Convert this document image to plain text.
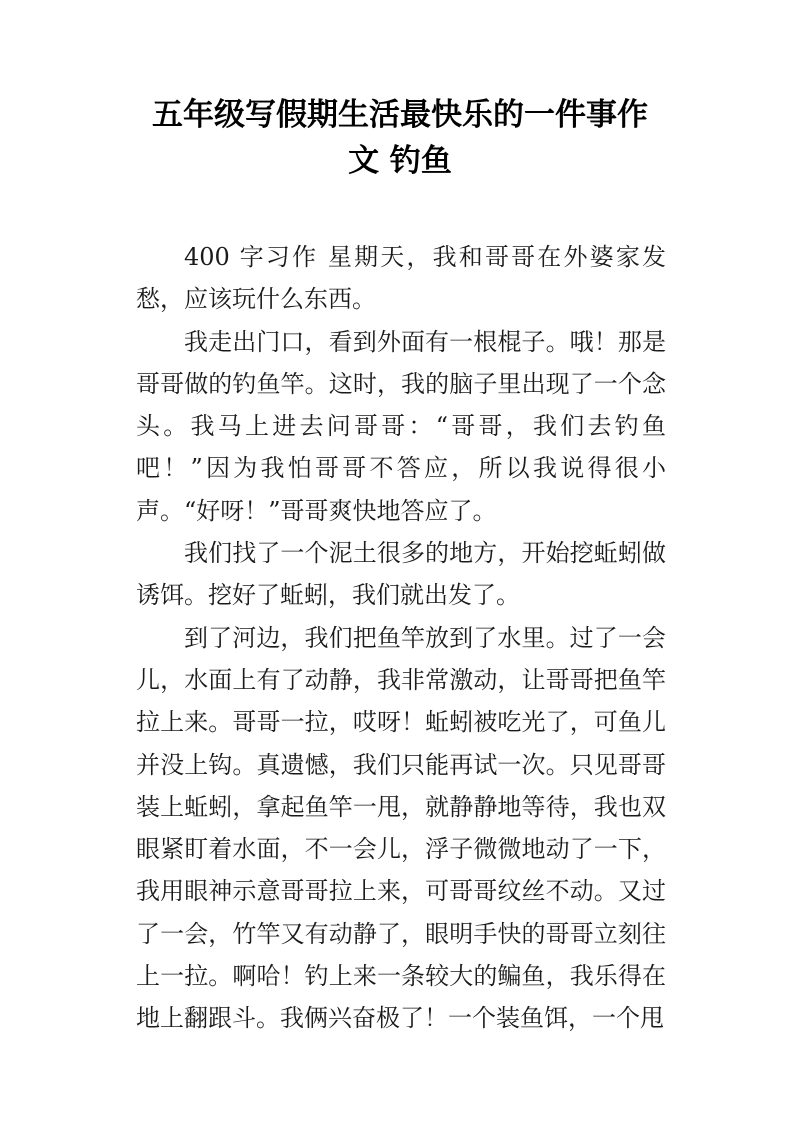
五年级写假期生活最快乐的一件事作
文 钓鱼

400 字习作 星期天，我和哥哥在外婆家发愁，应该玩什么东西。

我走出门口，看到外面有一根棍子。哦！那是哥哥做的钓鱼竿。这时，我的脑子里出现了一个念头。我马上进去问哥哥：“哥哥，我们去钓鱼吧！”因为我怕哥哥不答应，所以我说得很小声。“好呀！”哥哥爽快地答应了。

我们找了一个泥土很多的地方，开始挖蚯蚓做诱饵。挖好了蚯蚓，我们就出发了。

到了河边，我们把鱼竿放到了水里。过了一会儿，水面上有了动静，我非常激动，让哥哥把鱼竿拉上来。哥哥一拉，哎呀！蚯蚓被吃光了，可鱼儿并没上钩。真遗憾，我们只能再试一次。只见哥哥装上蚯蚓，拿起鱼竿一甩，就静静地等待，我也双眼紧盯着水面，不一会儿，浮子微微地动了一下，我用眼神示意哥哥拉上来，可哥哥纹丝不动。又过了一会，竹竿又有动静了，眼明手快的哥哥立刻往上一拉。啊哈！钓上来一条较大的鳊鱼，我乐得在地上翻跟斗。我俩兴奋极了！一个装鱼饵，一个甩
